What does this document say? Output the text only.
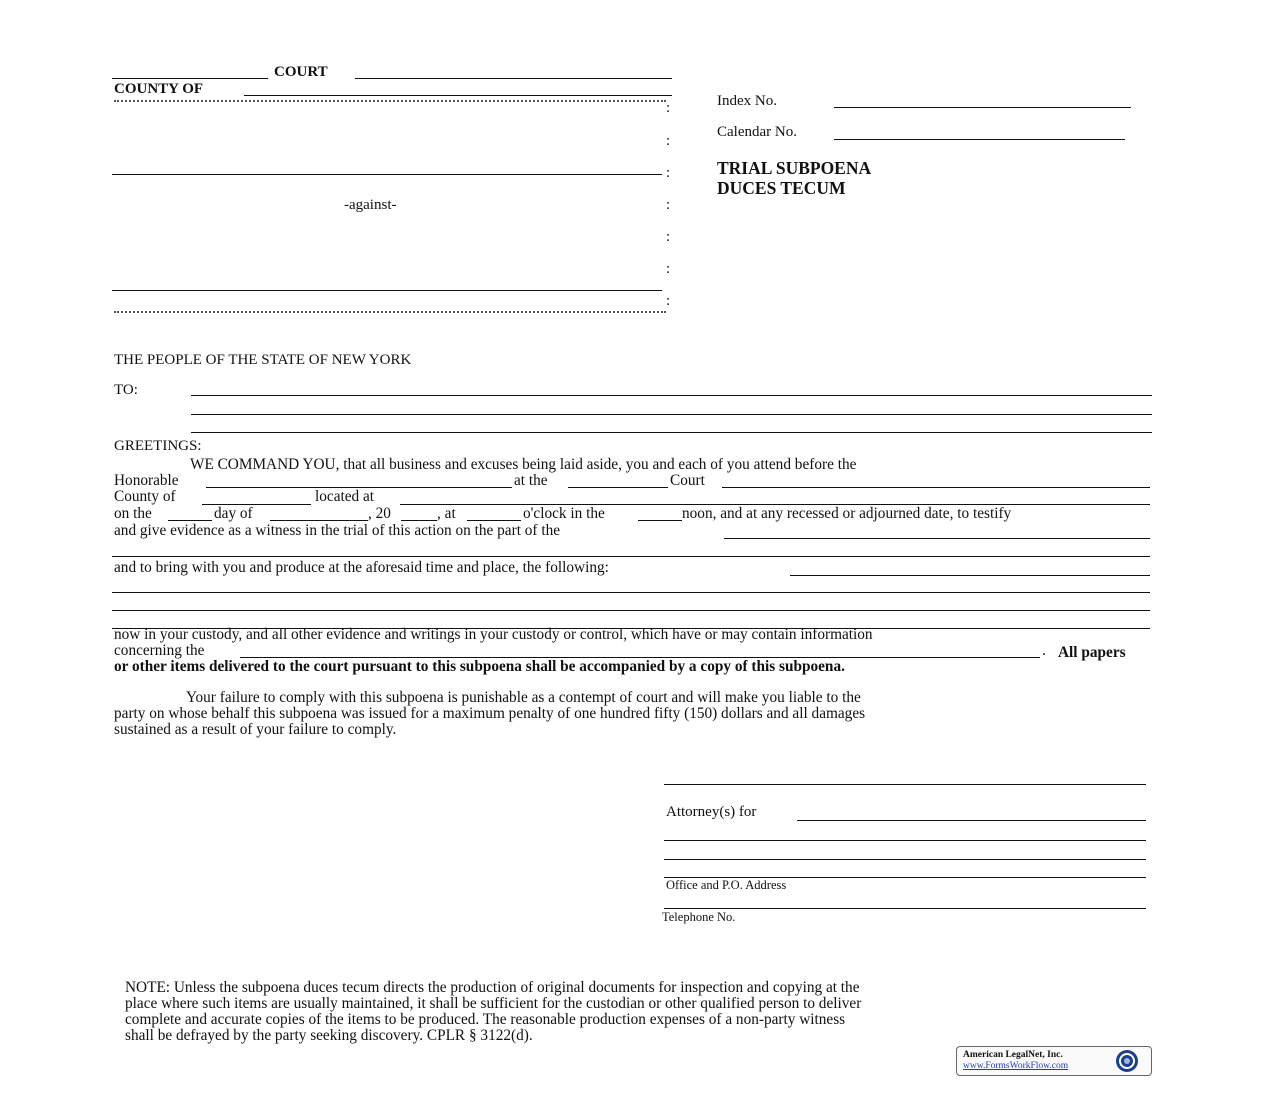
COURT
COUNTY OF
:
:
:
:
:
:
:
-against-
Index No.
Calendar No.
TRIAL SUBPOENA
DUCES TECUM
THE PEOPLE OF THE STATE OF NEW YORK
TO:
GREETINGS:
WE COMMAND YOU, that all business and excuses being laid aside, you and each of you attend before the
Honorable	at the	Court
County of	located at
on the	day of	, 20	, at	o'clock in the	noon, and at any recessed or adjourned date, to testify
and give evidence as a witness in the trial of this action on the part of the
and to bring with you and produce at the aforesaid time and place, the following:
now in your custody, and all other evidence and writings in your custody or control, which have or may contain information
concerning the	. All papers
or other items delivered to the court pursuant to this subpoena shall be accompanied by a copy of this subpoena.
Your failure to comply with this subpoena is punishable as a contempt of court and will make you liable to the
party on whose behalf this subpoena was issued for a maximum penalty of one hundred fifty (150) dollars and all damages
sustained as a result of your failure to comply.
Attorney(s) for
Office and P.O. Address
Telephone No.
NOTE: Unless the subpoena duces tecum directs the production of original documents for inspection and copying at the
place where such items are usually maintained, it shall be sufficient for the custodian or other qualified person to deliver
complete and accurate copies of the items to be produced. The reasonable production expenses of a non-party witness
shall be defrayed by the party seeking discovery. CPLR § 3122(d).
American LegalNet, Inc.
www.FormsWorkFlow.com
